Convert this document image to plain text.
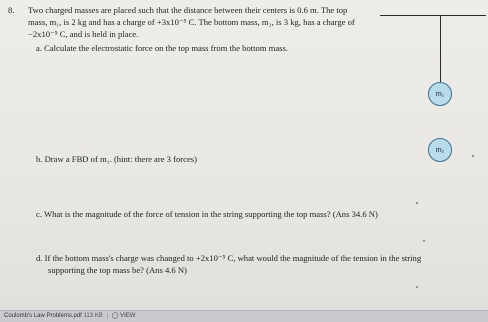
8. Two charged masses are placed such that the distance between their centers is 0.6 m. The top
mass, m₁, is 2 kg and has a charge of +3x10⁻⁵ C. The bottom mass, m₂, is 3 kg, has a charge of
−2x10⁻⁵ C, and is held in place.
a. Calculate the electrostatic force on the top mass from the bottom mass.
b. Draw a FBD of m₁. (hint: there are 3 forces)
c. What is the magnitude of the force of tension in the string supporting the top mass? (Ans 34.6 N)
d. If the bottom mass's charge was changed to +2x10⁻⁵ C, what would the magnitude of the tension in the string
supporting the top mass be? (Ans 4.6 N)
m₁
m₂
Coulomb's Law Problems.pdf 113 KB | ◯ VIEW
